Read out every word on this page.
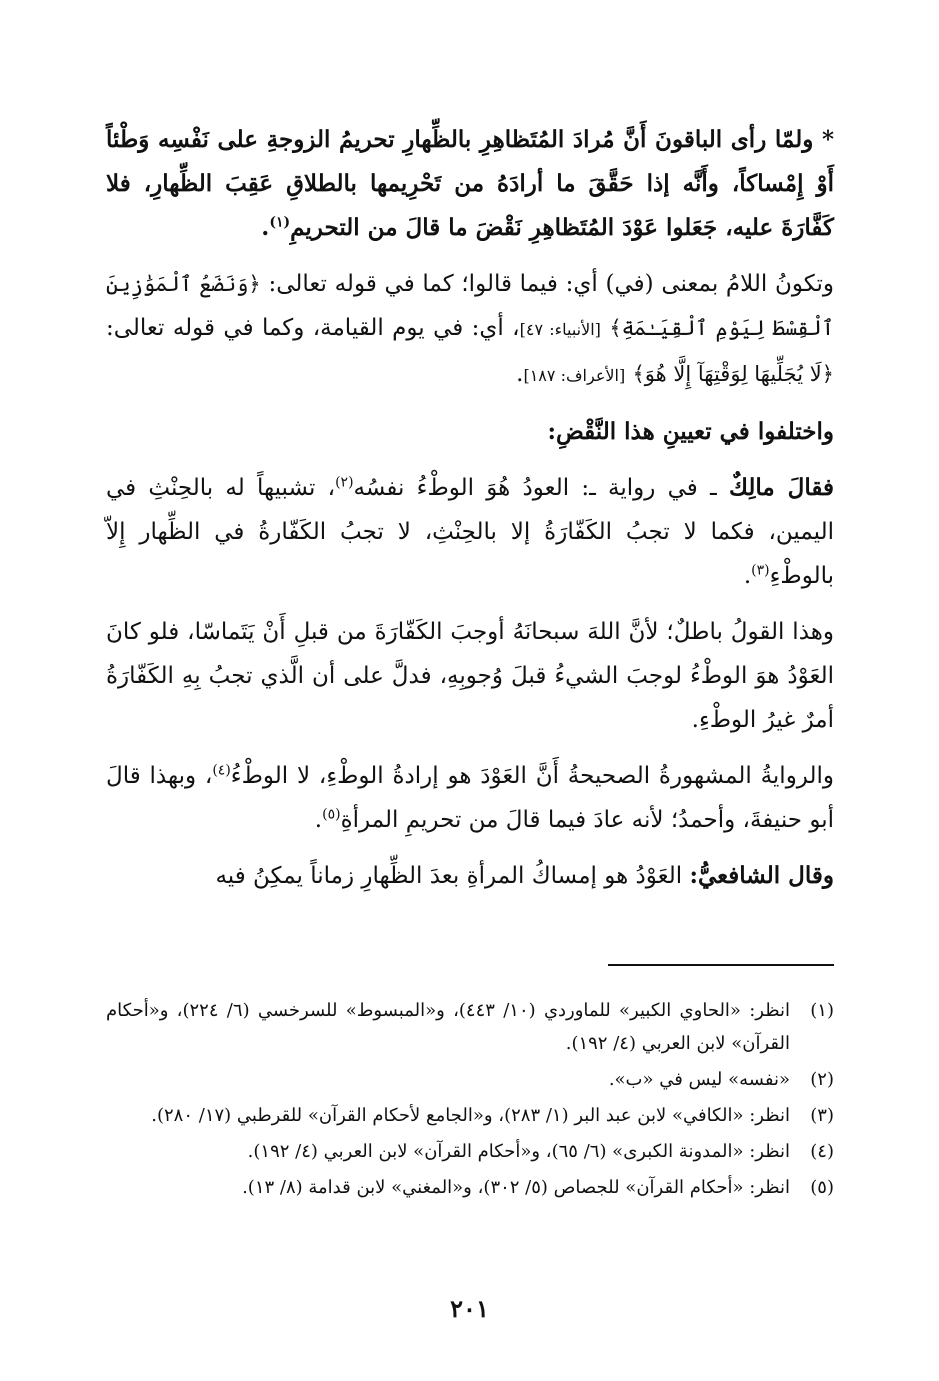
* ولمّا رأى الباقونَ أَنَّ مُرادَ المُتَظاهِرِ بالظِّهارِ تحريمُ الزوجةِ على نَفْسِه وَطْئاً أَوْ إِمْساكاً، وأَنَّه إذا حَقَّقَ ما أرادَهُ من تَحْرِيمها بالطلاقِ عَقِبَ الظِّهارِ، فلا كَفَّارَةَ عليه، جَعَلوا عَوْدَ المُتَظاهِرِ نَقْضَ ما قالَ من التحريمِ$^{(١)}$.

وتكونُ اللامُ بمعنى (في) أي: فيما قالوا؛ كما في قوله تعالى: ﴿وَنَضَعُ ٱلْمَوَٰزِينَ ٱلْقِسْطَ لِيَوْمِ ٱلْقِيَـٰمَةِ﴾ [الأنبياء: ٤٧]، أي: في يوم القيامة، وكما في قوله تعالى: ﴿لَا يُجَلِّيهَا لِوَقْتِهَآ إِلَّا هُوَ﴾ [الأعراف: ١٨٧].

واختلفوا في تعيينِ هذا النَّقْضِ:

فقالَ مالِكٌ ـ في رواية ـ: العودُ هُوَ الوطْءُ نفسُه$^{(٢)}$، تشبيهاً له بالحِنْثِ في اليمين، فكما لا تجبُ الكَفّارَةُ إلا بالحِنْثِ، لا تجبُ الكَفّارةُ في الظِّهار إِلاّ بالوطْءِ$^{(٣)}$.

وهذا القولُ باطلٌ؛ لأنَّ اللهَ سبحانَهُ أوجبَ الكَفّارَةَ من قبلِ أَنْ يَتَماسّا، فلو كانَ العَوْدُ هوَ الوطْءُ لوجبَ الشيءُ قبلَ وُجوبِهِ، فدلَّ على أن الَّذي تجبُ بِهِ الكَفّارَةُ أمرٌ غيرُ الوطْءِ.

والروايةُ المشهورةُ الصحيحةُ أَنَّ العَوْدَ هو إرادةُ الوطْءِ، لا الوطْءُ$^{(٤)}$، وبهذا قالَ أبو حنيفةَ، وأحمدُ؛ لأنه عادَ فيما قالَ من تحريمِ المرأةِ$^{(٥)}$.

وقال الشافعيُّ: العَوْدُ هو إمساكُ المرأةِ بعدَ الظِّهارِ زماناً يمكِنُ فيه

(١)
انظر: «الحاوي الكبير» للماوردي (١٠/ ٤٤٣)، و«المبسوط» للسرخسي (٦/ ٢٢٤)، و«أحكام القرآن» لابن العربي (٤/ ١٩٢).
(٢)
«نفسه» ليس في «ب».
(٣)
انظر: «الكافي» لابن عبد البر (١/ ٢٨٣)، و«الجامع لأحكام القرآن» للقرطبي (١٧/ ٢٨٠).
(٤)
انظر: «المدونة الكبرى» (٦/ ٦٥)، و«أحكام القرآن» لابن العربي (٤/ ١٩٢).
(٥)
انظر: «أحكام القرآن» للجصاص (٥/ ٣٠٢)، و«المغني» لابن قدامة (٨/ ١٣).
٢٠١
